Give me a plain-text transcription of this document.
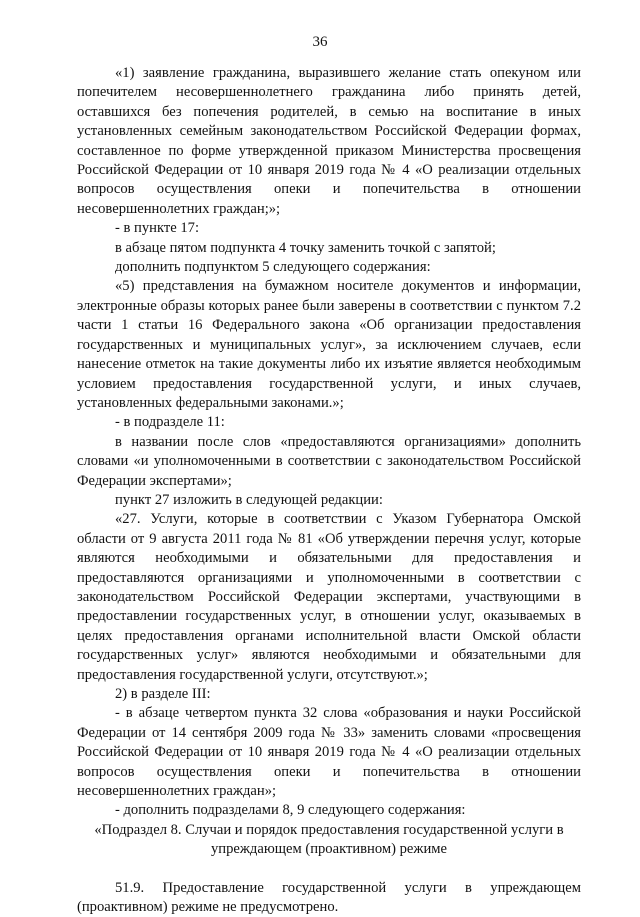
36

«1) заявление гражданина, выразившего желание стать опекуном или попечителем несовершеннолетнего гражданина либо принять детей, оставшихся без попечения родителей, в семью на воспитание в иных установленных семейным законодательством Российской Федерации формах, составленное по форме утвержденной приказом Министерства просвещения Российской Федерации от 10 января 2019 года № 4 «О реализации отдельных вопросов осуществления опеки и попечительства в отношении несовершеннолетних граждан;»;

- в пункте 17:

в абзаце пятом подпункта 4 точку заменить точкой с запятой;

дополнить подпунктом 5 следующего содержания:

«5) представления на бумажном носителе документов и информации, электронные образы которых ранее были заверены в соответствии с пунктом 7.2 части 1 статьи 16 Федерального закона «Об организации предоставления государственных и муниципальных услуг», за исключением случаев, если нанесение отметок на такие документы либо их изъятие является необходимым условием предоставления государственной услуги, и иных случаев, установленных федеральными законами.»;

- в подразделе 11:

в названии после слов «предоставляются организациями» дополнить словами «и уполномоченными в соответствии с законодательством Российской Федерации экспертами»;

пункт 27 изложить в следующей редакции:

«27. Услуги, которые в соответствии с Указом Губернатора Омской области от 9 августа 2011 года № 81 «Об утверждении перечня услуг, которые являются необходимыми и обязательными для предоставления и предоставляются организациями и уполномоченными в соответствии с законодательством Российской Федерации экспертами, участвующими в предоставлении государственных услуг, в отношении услуг, оказываемых в целях предоставления органами исполнительной власти Омской области государственных услуг» являются необходимыми и обязательными для предоставления государственной услуги, отсутствуют.»;

2) в разделе III:

- в абзаце четвертом пункта 32 слова «образования и науки Российской Федерации от 14 сентября 2009 года № 33» заменить словами «просвещения Российской Федерации от 10 января 2019 года № 4 «О реализации отдельных вопросов осуществления опеки и попечительства в отношении несовершеннолетних граждан»;

- дополнить подразделами 8, 9 следующего содержания:

«Подраздел 8. Случаи и порядок предоставления государственной услуги в упреждающем (проактивном) режиме

51.9. Предоставление государственной услуги в упреждающем (проактивном) режиме не предусмотрено.
